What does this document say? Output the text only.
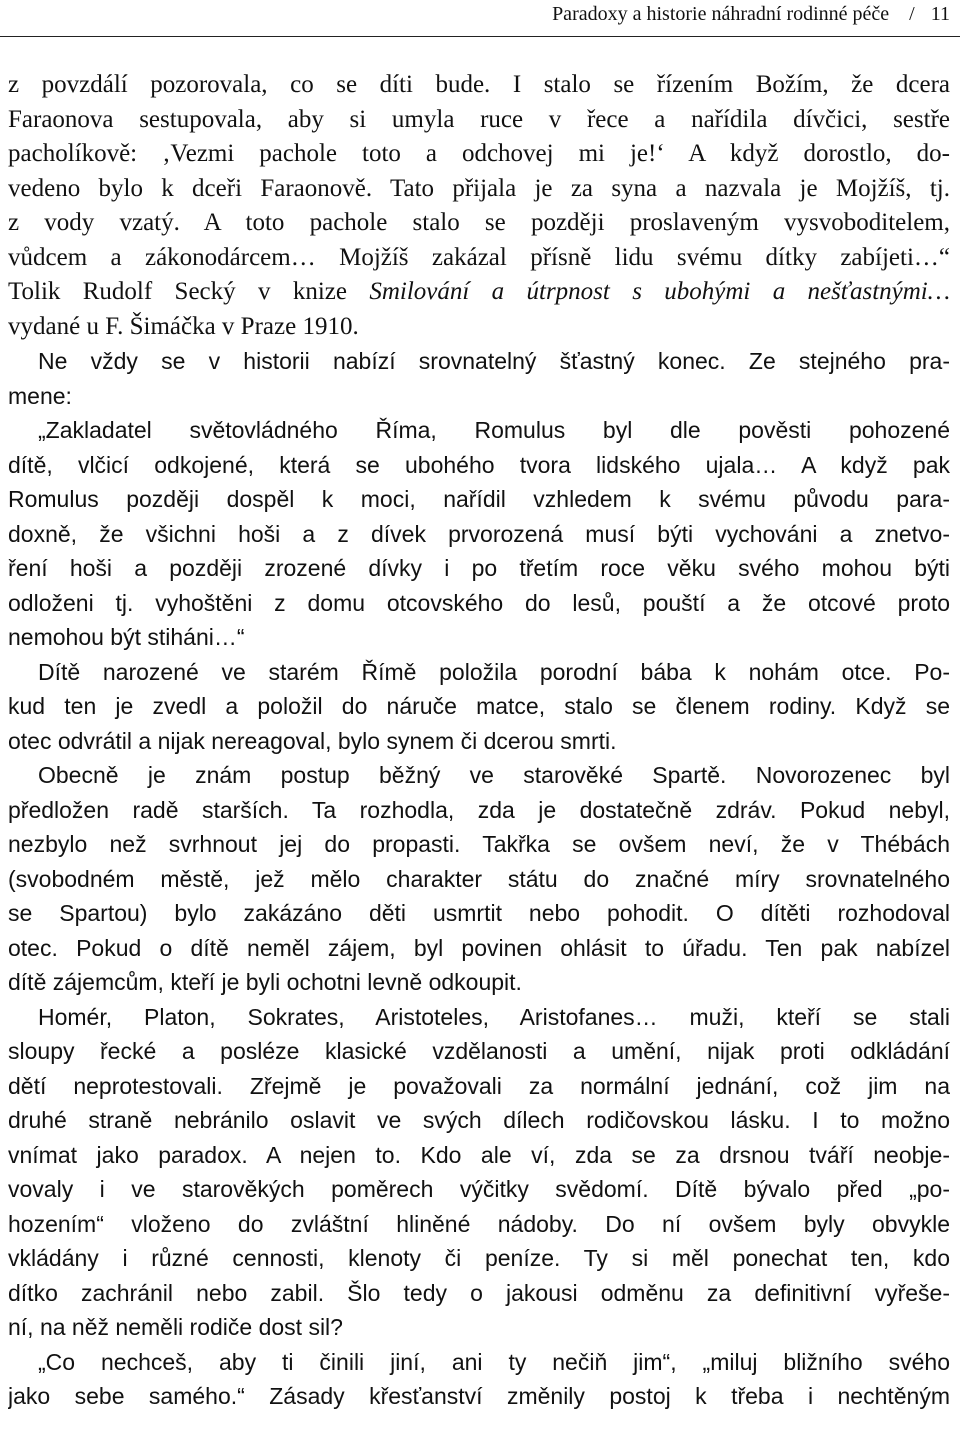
Paradoxy a historie náhradní rodinné péče / 11
z povzdálí pozorovala, co se díti bude. I stalo se řízením Božím, že dcera
Faraonova sestupovala, aby si umyla ruce v řece a nařídila dívčici, sestře
pacholíkově: ‚Vezmi pachole toto a odchovej mi je!‘ A když dorostlo, do-
vedeno bylo k dceři Faraonově. Tato přijala je za syna a nazvala je Mojžíš, tj.
z vody vzatý. A toto pachole stalo se později proslaveným vysvoboditelem,
vůdcem a zákonodárcem… Mojžíš zakázal přísně lidu svému dítky zabíjeti…“
Tolik Rudolf Secký v knize Smilování a útrpnost s ubohými a nešťastnými…
vydané u F. Šimáčka v Praze 1910.
Ne vždy se v historii nabízí srovnatelný šťastný konec. Ze stejného pra-
mene:
„Zakladatel světovládného Říma, Romulus byl dle pověsti pohozené
dítě, vlčicí odkojené, která se ubohého tvora lidského ujala… A když pak
Romulus později dospěl k moci, nařídil vzhledem k svému původu para-
doxně, že všichni hoši a z dívek prvorozená musí býti vychováni a znetvo-
ření hoši a později zrozené dívky i po třetím roce věku svého mohou býti
odloženi tj. vyhoštěni z domu otcovského do lesů, pouští a že otcové proto
nemohou být stiháni…“
Dítě narozené ve starém Římě položila porodní bába k nohám otce. Po-
kud ten je zvedl a položil do náruče matce, stalo se členem rodiny. Když se
otec odvrátil a nijak nereagoval, bylo synem či dcerou smrti.
Obecně je znám postup běžný ve starověké Spartě. Novorozenec byl
předložen radě starších. Ta rozhodla, zda je dostatečně zdráv. Pokud nebyl,
nezbylo než svrhnout jej do propasti. Takřka se ovšem neví, že v Thébách
(svobodném městě, jež mělo charakter státu do značné míry srovnatelného
se Spartou) bylo zakázáno děti usmrtit nebo pohodit. O dítěti rozhodoval
otec. Pokud o dítě neměl zájem, byl povinen ohlásit to úřadu. Ten pak nabízel
dítě zájemcům, kteří je byli ochotni levně odkoupit.
Homér, Platon, Sokrates, Aristoteles, Aristofanes… muži, kteří se stali
sloupy řecké a posléze klasické vzdělanosti a umění, nijak proti odkládání
dětí neprotestovali. Zřejmě je považovali za normální jednání, což jim na
druhé straně nebránilo oslavit ve svých dílech rodičovskou lásku. I to možno
vnímat jako paradox. A nejen to. Kdo ale ví, zda se za drsnou tváří neobje-
vovaly i ve starověkých poměrech výčitky svědomí. Dítě bývalo před „po-
hozením“ vloženo do zvláštní hliněné nádoby. Do ní ovšem byly obvykle
vkládány i různé cennosti, klenoty či peníze. Ty si měl ponechat ten, kdo
dítko zachránil nebo zabil. Šlo tedy o jakousi odměnu za definitivní vyřeše-
ní, na něž neměli rodiče dost sil?
„Co nechceš, aby ti činili jiní, ani ty nečiň jim“, „miluj bližního svého
jako sebe samého.“ Zásady křesťanství změnily postoj k třeba i nechtěným
